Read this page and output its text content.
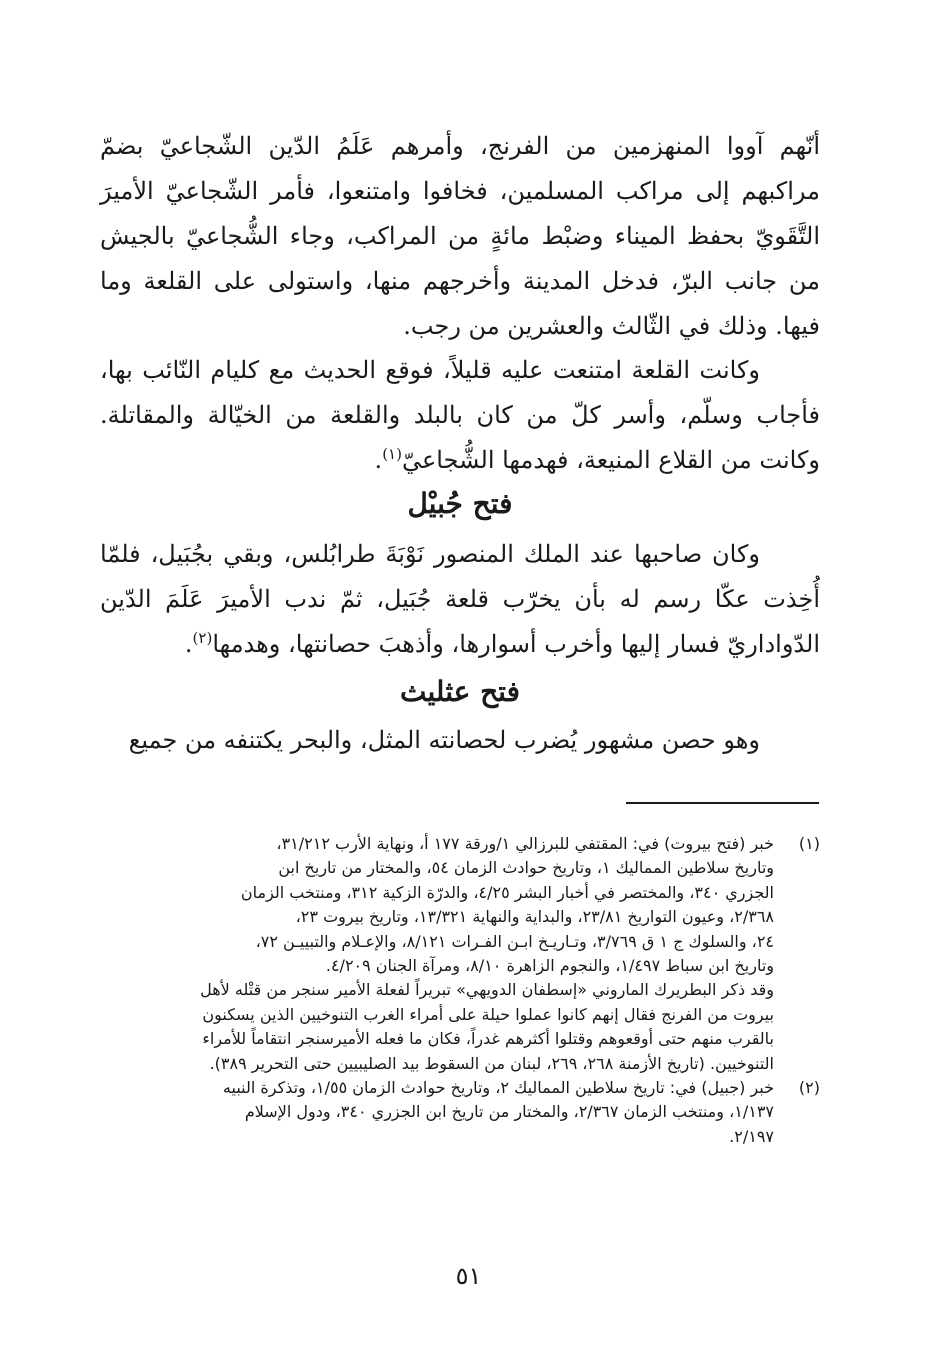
أنّهم آووا المنهزمين من الفرنج، وأمرهم عَلَمُ الدّين الشّجاعيّ بضمّ مراكبهم إلى مراكب المسلمين، فخافوا وامتنعوا، فأمر الشّجاعيّ الأميرَ التَّقَويّ بحفظ الميناء وضبْط مائةٍ من المراكب، وجاء الشُّجاعيّ بالجيش من جانب البرّ، فدخل المدينة وأخرجهم منها، واستولى على القلعة وما فيها. وذلك في الثّالث والعشرين من رجب.

وكانت القلعة امتنعت عليه قليلاً، فوقع الحديث مع كليام النّائب بها، فأجاب وسلّم، وأسر كلّ من كان بالبلد والقلعة من الخيّالة والمقاتلة. وكانت من القلاع المنيعة، فهدمها الشُّجاعيّ$^{(١)}$.

فتح جُبيْل

وكان صاحبها عند الملك المنصور نَوْبَةَ طرابُلس، وبقي بجُبَيل، فلمّا أُخِذت عكّا رسم له بأن يخرّب قلعة جُبَيل، ثمّ ندب الأميرَ عَلَمَ الدّين الدّواداريّ فسار إليها وأخرب أسوارها، وأذهبَ حصانتها، وهدمها$^{(٢)}$.

فتح عثليث

وهو حصن مشهور يُضرب لحصانته المثل، والبحر يكتنفه من جميع

(١)

خبر (فتح بيروت) في: المقتفي للبرزالي ١/ورقة ١٧٧ أ، ونهاية الأرب ٣١/٢١٢،

وتاريخ سلاطين المماليك ١، وتاريخ حوادث الزمان ٥٤، والمختار من تاريخ ابن

الجزري ٣٤٠، والمختصر في أخبار البشر ٤/٢٥، والدرّة الزكية ٣١٢، ومنتخب الزمان

٢/٣٦٨، وعيون التواريخ ٢٣/٨١، والبداية والنهاية ١٣/٣٢١، وتاريخ بيروت ٢٣،

٢٤، والسلوك ج ١ ق ٣/٧٦٩، وتـاريـخ ابـن الفـرات ٨/١٢١، والإعـلام والتبييـن ٧٢،

وتاريخ ابن سباط ١/٤٩٧، والنجوم الزاهرة ٨/١٠، ومرآة الجنان ٤/٢٠٩.

وقد ذكر البطريرك الماروني «إسطفان الدويهي» تبريراً لفعلة الأمير سنجر من قتْله لأهل

بيروت من الفرنج فقال إنهم كانوا عملوا حيلة على أمراء الغرب التنوخيين الذين يسكنون

بالقرب منهم حتى أوقعوهم وقتلوا أكثرهم غدراً، فكان ما فعله الأميرسنجر انتقاماً للأمراء

التنوخيين. (تاريخ الأزمنة ٢٦٨، ٢٦٩، لبنان من السقوط بيد الصليبيين حتى التحرير ٣٨٩).

(٢)

خبر (جبيل) في: تاريخ سلاطين المماليك ٢، وتاريخ حوادث الزمان ١/٥٥، وتذكرة النبيه

١/١٣٧، ومنتخب الزمان ٢/٣٦٧، والمختار من تاريخ ابن الجزري ٣٤٠، ودول الإسلام

٢/١٩٧.

٥١
